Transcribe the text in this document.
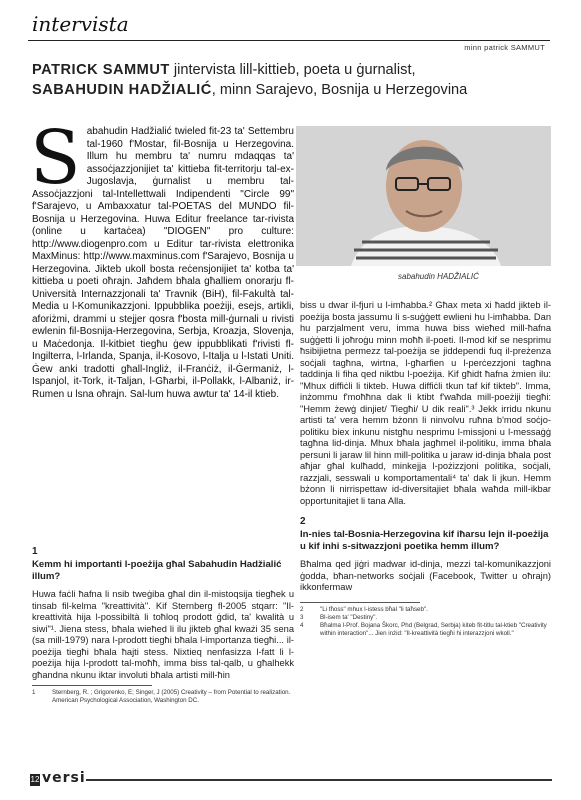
intervista
minn patrick SAMMUT
PATRICK SAMMUT jintervista lill-kittieb, poeta u ġurnalist,
SABAHUDIN HADŽIALIĆ, minn Sarajevo, Bosnija u Herzegovina
Sabahudin Hadžialić twieled fit-23 ta' Settembru tal-1960 f'Mostar, fil-Bosnija u Herzegovina. Illum hu membru ta' numru mdaqqas ta' assoċjazzjonijiet ta' kittieba fit-territorju tal-ex-Jugoslavja, ġurnalist u membru tal-Assoċjazzjoni tal-Intellettwali Indipendenti "Circle 99" f'Sarajevo, u Ambaxxatur tal-POETAS del MUNDO fil-Bosnija u Herzegovina. Huwa Editur freelance tar-rivista (online u kartaċea) "DIOGEN" pro culture: http://www.diogenpro.com u Editur tar-rivista elettronika MaxMinus: http://www.maxminus.com f'Sarajevo, Bosnija u Herzegovina. Jikteb ukoll bosta reċensjonijiet ta' kotba ta' kittieba u poeti oħrajn. Jaħdem bħala għalliem onorarju fl-Università Internazzjonali ta' Travnik (BiH), fil-Fakultà tal-Media u l-Komunikazzjoni. Ippubblika poeżiji, esejs, artikli, aforiżmi, drammi u stejjer qosra f'bosta mill-ġurnali u rivisti ewlenin fil-Bosnija-Herzegovina, Serbja, Kroazja, Slovenja, u Maċedonja. Il-kitbiet tiegħu ġew ippubblikati f'rivisti fl-Ingilterra, l-Irlanda, Spanja, il-Kosovo, l-Italja u l-Istati Uniti. Ġew anki tradotti għall-Ingliż, il-Franċiż, il-Ġermaniż, l-Ispanjol, it-Tork, it-Taljan, l-Għarbi, il-Pollakk, l-Albaniż, ir-Rumen u lsna oħrajn. Sal-lum huwa awtur ta' 14-il ktieb.
sabahudin HADŽIALIĆ
1
Kemm hi importanti l-poeżija għal Sabahudin Hadžialić illum?

Huwa faċli ħafna li nsib tweġiba għal din il-mistoqsija tiegħek u tinsab fil-kelma "kreattività". Kif Sternberg fl-2005 stqarr: "Il-kreattività hija l-possibiltà li toħloq prodott ġdid, ta' kwalità u siwi"¹. Jiena stess, bħala wieħed li ilu jikteb għal kważi 35 sena (sa mill-1979) nara l-prodott tiegħi bħala l-importanza tiegħi... il-poeżija tiegħi bħala ħajti stess. Nixtieq nenfasizza l-fatt li l-poeżija hija l-prodott tal-moħħ, imma biss tal-qalb, u għalhekk għandna nkunu iktar involuti bħala artisti mill-ħin

1	Sternberg, R. ; Grigorenko, E; Singer, J (2005) Creativity – from Potential to realization. American Psychological Association, Washington DC.

biss u dwar il-fjuri u l-imħabba.² Għax meta xi ħadd jikteb il-poeżija bosta jassumu li s-suġġett ewlieni hu l-imħabba. Dan hu parzjalment veru, imma huwa biss wieħed mill-ħafna suġġetti li joħroġu minn moħħ il-poeti. Il-mod kif se nesprimu ħsibijietna permezz tal-poeżija se jiddependi fuq il-preżenza soċjali tagħna, wirtna, l-għarfien u l-perċezzjoni tagħna taddinja li fiha qed niktbu l-poeżija. Kif għidt ħafna żmien ilu: "Mhux diffiċli li tikteb. Huwa diffiċli tkun taf kif tikteb". Imma, inżommu f'moħħna dak li ktibt f'waħda mill-poeżiji tiegħi: "Hemm żewġ dinjiet/ Tiegħi/ U dik reali".³ Jekk irridu nkunu artisti ta' vera hemm bżonn li ninvolvu ruħna b'mod soċjo-politiku biex inkunu nistgħu nesprimu l-missjoni u l-messaġġ tagħna lid-dinja. Mhux bħala jagħmel il-politiku, imma bħala persuni li jaraw lil hinn mill-politika u jaraw id-dinja bħala post aħjar għal kulħadd, minkejja l-pożizzjoni politika, soċjali, razzjali, sesswali u komportamentali⁴ ta' dak li jkun. Hemm bżonn li nirrispettaw id-diversitajiet bħala waħda mill-ikbar opportunitajiet li tana Alla.

2
In-nies tal-Bosnia-Herzegovina kif iħarsu lejn il-poeżija u kif inhi s-sitwazzjoni poetika hemm illum?

Bħalma qed jiġri madwar id-dinja, mezzi tal-komunikazzjoni ġodda, bħan-networks soċjali (Facebook, Twitter u oħrajn) ikkonfermaw

2	"Li tħoss" mhux l-istess bħal "li taħseb".
3	Bl-isem ta' "Destiny".
4	Bħalma l-Prof. Bojana Škorc, Phd (Belgrad, Serbja) kiteb fit-titlu tal-ktieb "Creativity within interaction"... Jien inżid: "Il-kreattività tiegħi hi interazzjoni wkoll."
12 versi
